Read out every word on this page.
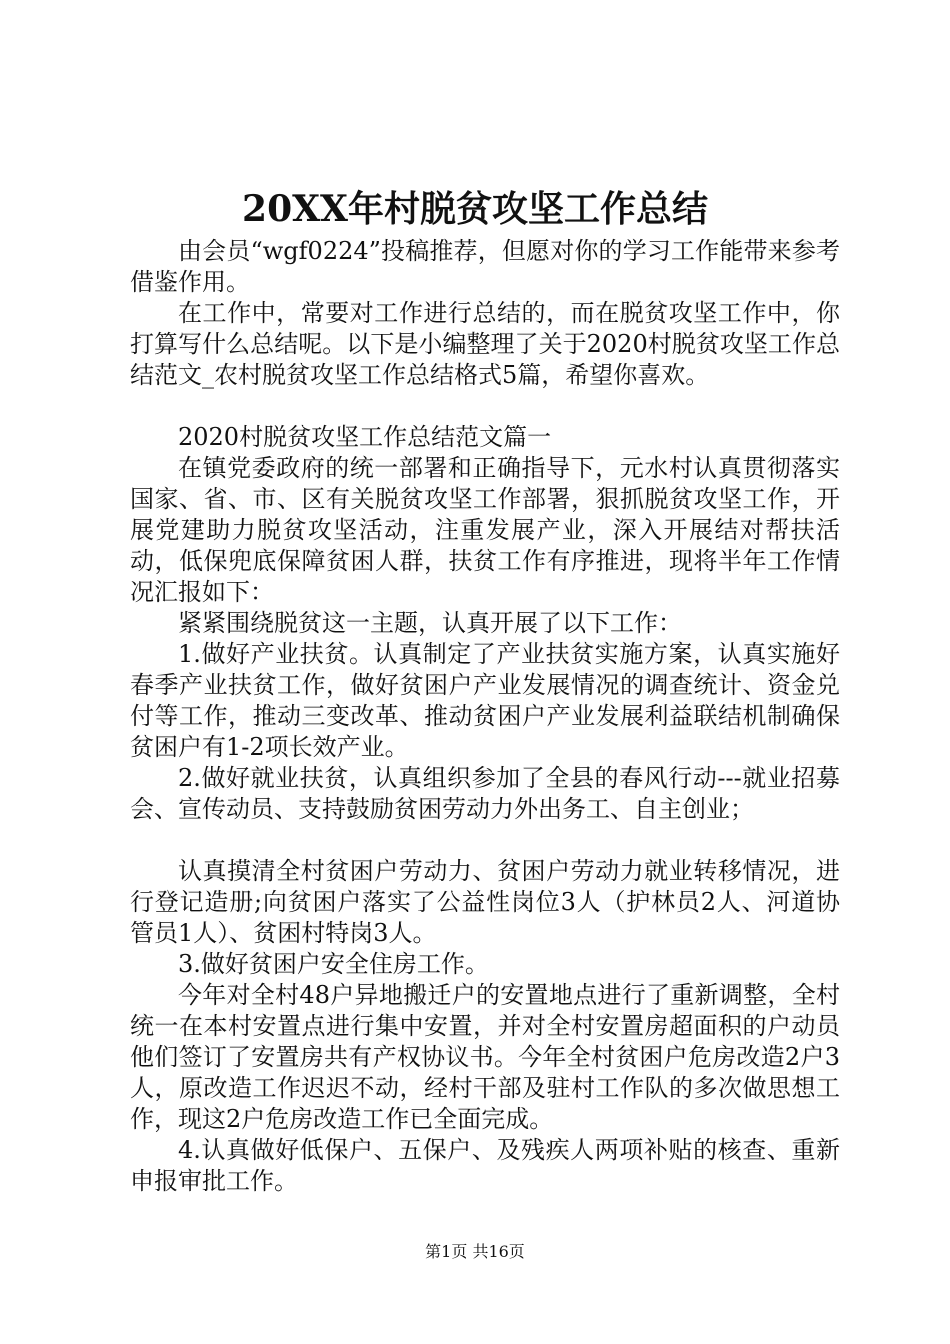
20XX年村脱贫攻坚工作总结

由会员“wgf0224”投稿推荐，但愿对你的学习工作能带来参考借鉴作用。

在工作中，常要对工作进行总结的，而在脱贫攻坚工作中，你打算写什么总结呢。以下是小编整理了关于2020村脱贫攻坚工作总结范文_农村脱贫攻坚工作总结格式5篇，希望你喜欢。

2020村脱贫攻坚工作总结范文篇一

在镇党委政府的统一部署和正确指导下，元水村认真贯彻落实国家、省、市、区有关脱贫攻坚工作部署，狠抓脱贫攻坚工作，开展党建助力脱贫攻坚活动，注重发展产业，深入开展结对帮扶活动，低保兜底保障贫困人群，扶贫工作有序推进，现将半年工作情况汇报如下：

紧紧围绕脱贫这一主题，认真开展了以下工作：

1.做好产业扶贫。认真制定了产业扶贫实施方案，认真实施好春季产业扶贫工作，做好贫困户产业发展情况的调查统计、资金兑付等工作，推动三变改革、推动贫困户产业发展利益联结机制确保贫困户有1-2项长效产业。

2.做好就业扶贫，认真组织参加了全县的春风行动---就业招募会、宣传动员、支持鼓励贫困劳动力外出务工、自主创业；

认真摸清全村贫困户劳动力、贫困户劳动力就业转移情况，进行登记造册;向贫困户落实了公益性岗位3人（护林员2人、河道协管员1人）、贫困村特岗3人。

3.做好贫困户安全住房工作。

今年对全村48户异地搬迁户的安置地点进行了重新调整，全村统一在本村安置点进行集中安置，并对全村安置房超面积的户动员他们签订了安置房共有产权协议书。今年全村贫困户危房改造2户3人，原改造工作迟迟不动，经村干部及驻村工作队的多次做思想工作，现这2户危房改造工作已全面完成。

4.认真做好低保户、五保户、及残疾人两项补贴的核查、重新申报审批工作。

第1页 共16页
